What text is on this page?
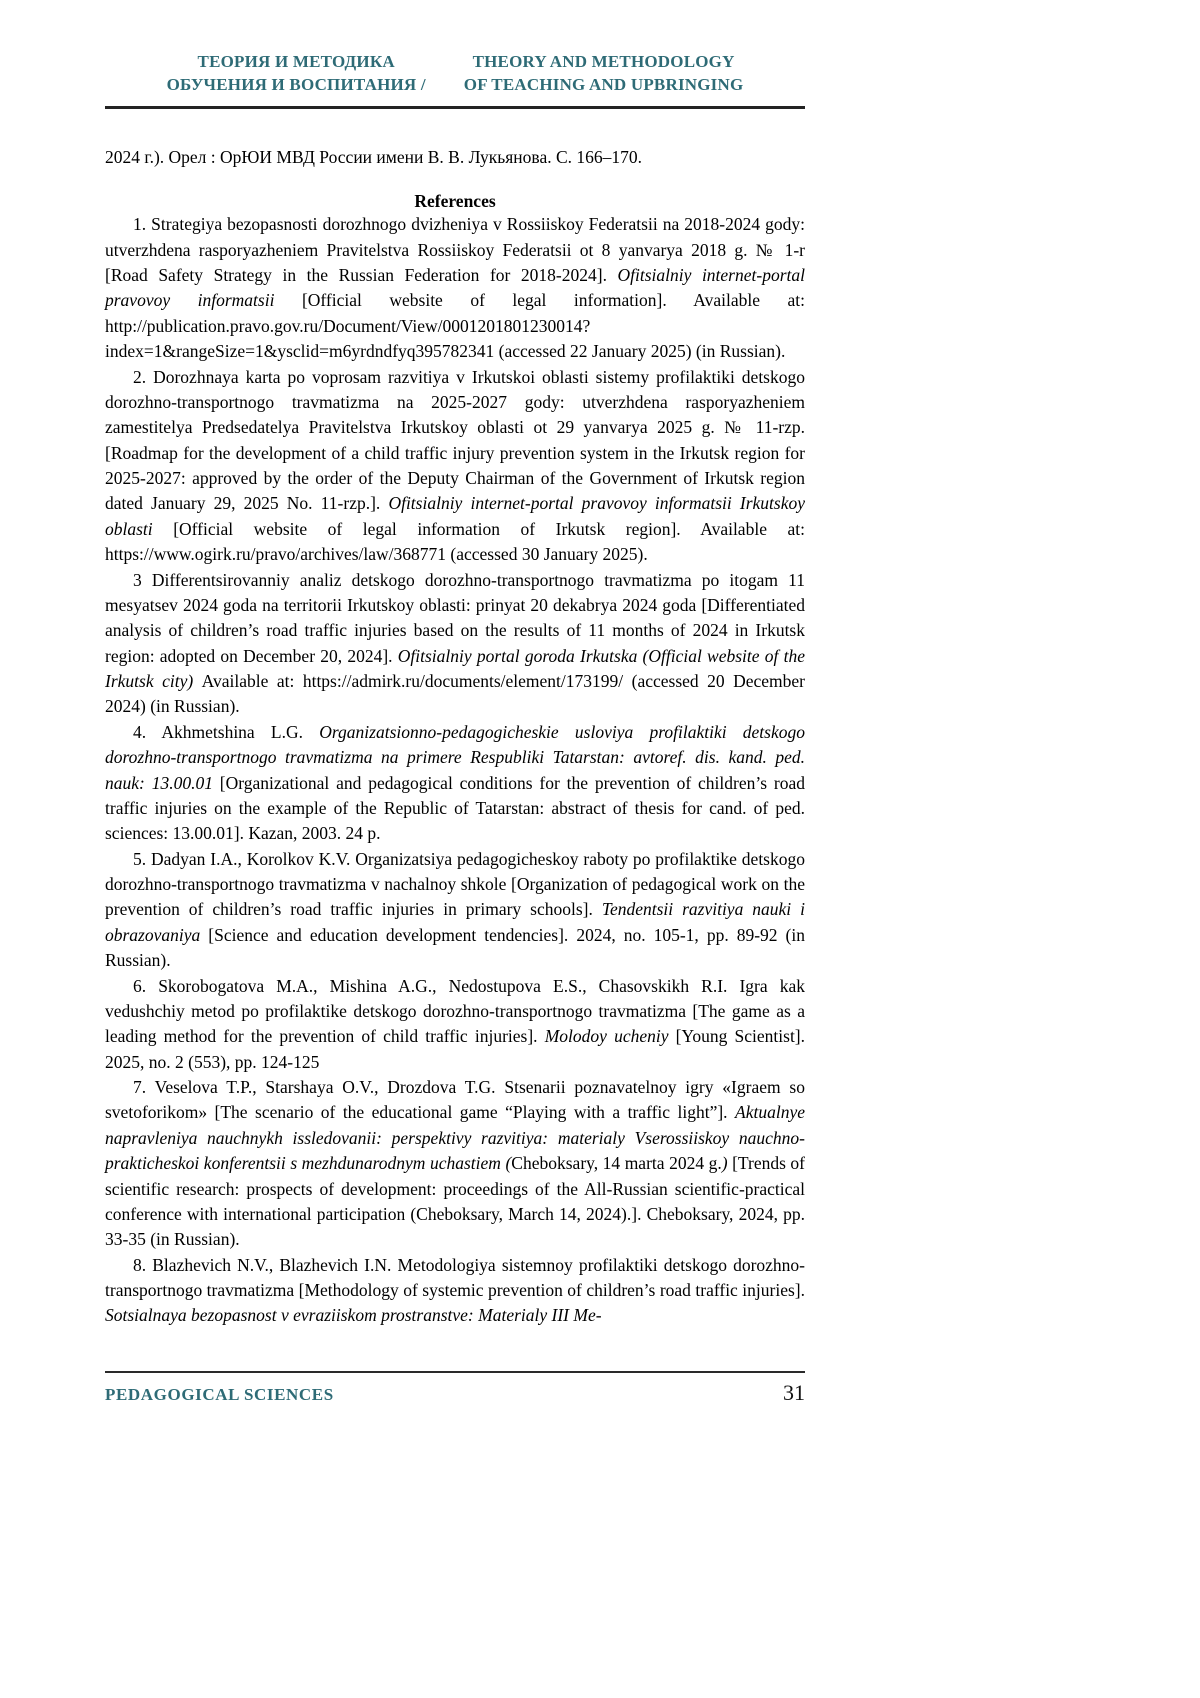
ТЕОРИЯ И МЕТОДИКА
ОБУЧЕНИЯ И ВОСПИТАНИЯ /
THEORY AND METHODOLOGY
OF TEACHING AND UPBRINGING

2024 г.). Орел : ОрЮИ МВД России имени В. В. Лукьянова. С. 166–170.

References

1. Strategiya bezopasnosti dorozhnogo dvizheniya v Rossiiskoy Federatsii na 2018-2024 gody: utverzhdena rasporyazheniem Pravitelstva Rossiiskoy Federatsii ot 8 yanvarya 2018 g. № 1-r [Road Safety Strategy in the Russian Federation for 2018-2024]. Ofitsialniy internet-portal pravovoy informatsii [Official website of legal information]. Available at: http://publication.pravo.gov.ru/Document/View/0001201801230014?index=1&rangeSize=1&ysclid=m6yrdndfyq395782341 (accessed 22 January 2025) (in Russian).

2. Dorozhnaya karta po voprosam razvitiya v Irkutskoi oblasti sistemy profilaktiki detskogo dorozhno-transportnogo travmatizma na 2025-2027 gody: utverzhdena rasporyazheniem zamestitelya Predsedatelya Pravitelstva Irkutskoy oblasti ot 29 yanvarya 2025 g. № 11-rzp. [Roadmap for the development of a child traffic injury prevention system in the Irkutsk region for 2025-2027: approved by the order of the Deputy Chairman of the Government of Irkutsk region dated January 29, 2025 No. 11-rzp.]. Ofitsialniy internet-portal pravovoy informatsii Irkutskoy oblasti [Official website of legal information of Irkutsk region]. Available at: https://www.ogirk.ru/pravo/archives/law/368771 (accessed 30 January 2025).

3 Differentsirovanniy analiz detskogo dorozhno-transportnogo travmatizma po itogam 11 mesyatsev 2024 goda na territorii Irkutskoy oblasti: prinyat 20 dekabrya 2024 goda [Differentiated analysis of children’s road traffic injuries based on the results of 11 months of 2024 in Irkutsk region: adopted on December 20, 2024]. Ofitsialniy portal goroda Irkutska (Official website of the Irkutsk city) Available at: https://admirk.ru/documents/element/173199/ (accessed 20 December 2024) (in Russian).

4. Akhmetshina L.G. Organizatsionno-pedagogicheskie usloviya profilaktiki detskogo dorozhno-transportnogo travmatizma na primere Respubliki Tatarstan: avtoref. dis. kand. ped. nauk: 13.00.01 [Organizational and pedagogical conditions for the prevention of children’s road traffic injuries on the example of the Republic of Tatarstan: abstract of thesis for cand. of ped. sciences: 13.00.01]. Kazan, 2003. 24 p.

5. Dadyan I.A., Korolkov K.V. Organizatsiya pedagogicheskoy raboty po profilaktike detskogo dorozhno-transportnogo travmatizma v nachalnoy shkole [Organization of pedagogical work on the prevention of children’s road traffic injuries in primary schools]. Tendentsii razvitiya nauki i obrazovaniya [Science and education development tendencies]. 2024, no. 105-1, pp. 89-92 (in Russian).

6. Skorobogatova M.A., Mishina A.G., Nedostupova E.S., Chasovskikh R.I. Igra kak vedushchiy metod po profilaktike detskogo dorozhno-transportnogo travmatizma [The game as a leading method for the prevention of child traffic injuries]. Molodoy ucheniy [Young Scientist]. 2025, no. 2 (553), pp. 124-125

7. Veselova T.P., Starshaya O.V., Drozdova T.G. Stsenarii poznavatelnoy igry «Igraem so svetoforikom» [The scenario of the educational game “Playing with a traffic light”]. Aktualnye napravleniya nauchnykh issledovanii: perspektivy razvitiya: materialy Vserossiiskoy nauchno-prakticheskoi konferentsii s mezhdunarodnym uchastiem (Cheboksary, 14 marta 2024 g.) [Trends of scientific research: prospects of development: proceedings of the All-Russian scientific-practical conference with international participation (Cheboksary, March 14, 2024).]. Cheboksary, 2024, pp. 33-35 (in Russian).

8. Blazhevich N.V., Blazhevich I.N. Metodologiya sistemnoy profilaktiki detskogo dorozhno-transportnogo travmatizma [Methodology of systemic prevention of children’s road traffic injuries]. Sotsialnaya bezopasnost v evraziiskom prostranstve: Materialy III Me-

PEDAGOGICAL SCIENCES	31
